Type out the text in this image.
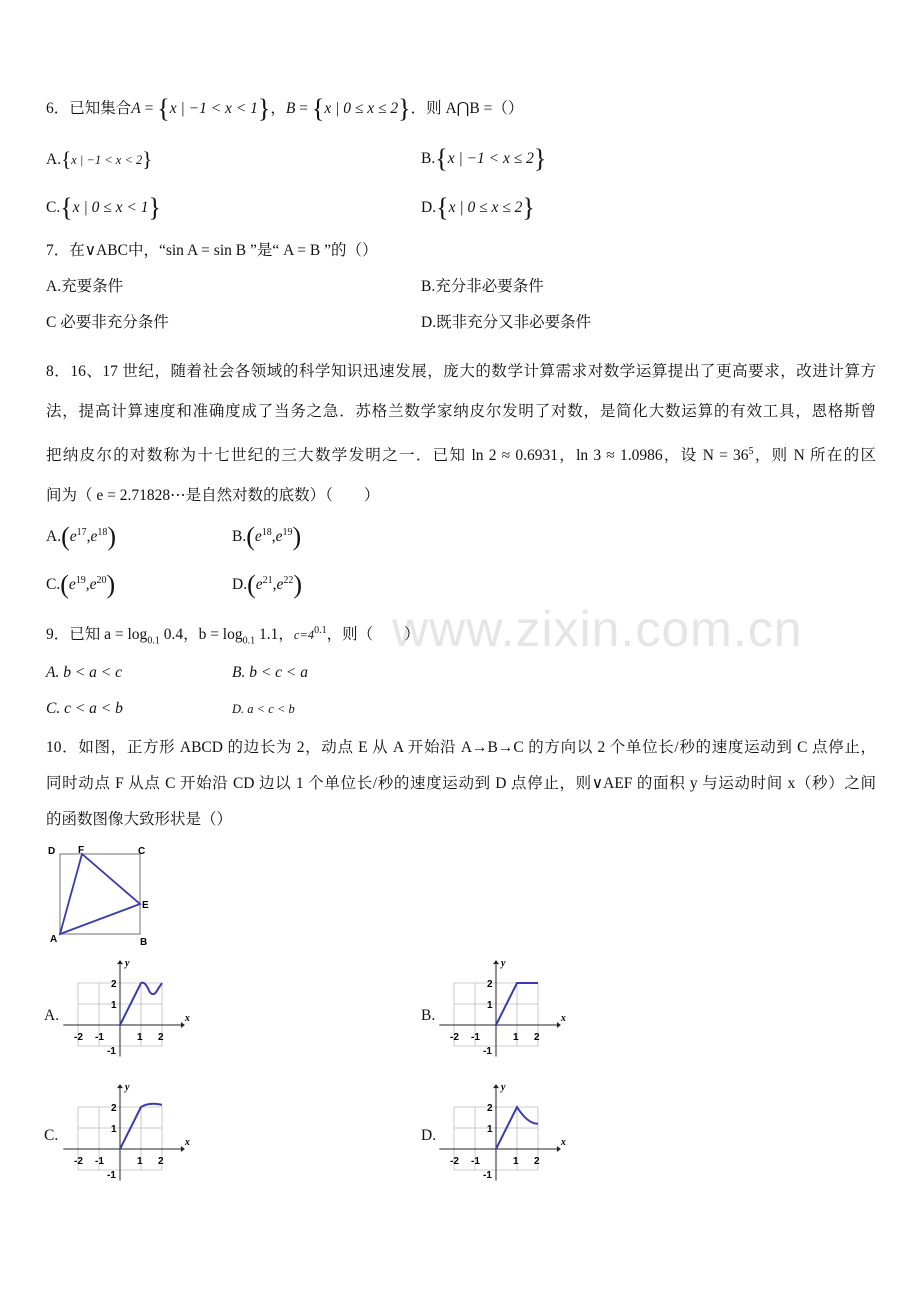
www.zixin.com.cn
6．已知集合A = {x | −1 < x < 1}，B = {x | 0 ≤ x ≤ 2}．则 A⋂B =（）
A.{x | −1 < x < 2}	B.{x | −1 < x ≤ 2}
C.{x | 0 ≤ x < 1}	D.{x | 0 ≤ x ≤ 2}
7．在∨ABC中，“sin A = sin B ”是“ A = B ”的（）
A.充要条件	B.充分非必要条件
C 必要非充分条件	D.既非充分又非必要条件
8．16、17 世纪，随着社会各领域的科学知识迅速发展，庞大的数学计算需求对数学运算提出了更高要求，改进计算方
法，提高计算速度和准确度成了当务之急．苏格兰数学家纳皮尔发明了对数，是简化大数运算的有效工具，恩格斯曾
把纳皮尔的对数称为十七世纪的三大数学发明之一．已知 ln 2 ≈ 0.6931，ln 3 ≈ 1.0986，设 $N = 36^5$，则 N 所在的区
间为（ e = 2.71828⋯是自然对数的底数）（　　）
$A.(e^{17},e^{18})$	$B.(e^{18},e^{19})$
$C.(e^{19},e^{20})$	$D.(e^{21},e^{22})$
9．已知 $a = \log_{0.1} 0.4$，$b = \log_{0.1} 1.1$，$c=4^{0.1}$，则（　　）
A. b < a < c	B. b < c < a
C. c < a < b	D. a < c < b
10．如图，正方形 ABCD 的边长为 2，动点 E 从 A 开始沿 A→B→C 的方向以 2 个单位长/秒的速度运动到 C 点停止，
同时动点 F 从点 C 开始沿 CD 边以 1 个单位长/秒的速度运动到 D 点停止，则∨AEF 的面积 y 与运动时间 x（秒）之间
的函数图像大致形状是（）
D F	C
E
A	B
A.	B.
C.	D.
x
y
-2 -1	1 2
2
1
-1
x
y
-2 -1	1 2
2
1
-1
x
y
-2 -1	1 2
2
1
-1
x
y
-2 -1	1 2
2
1
-1
